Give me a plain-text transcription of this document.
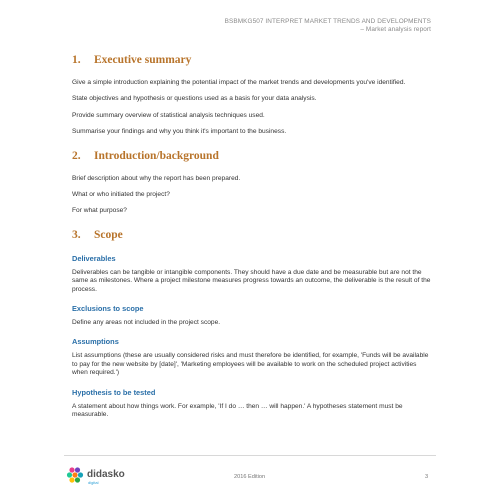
BSBMKG507 INTERPRET MARKET TRENDS AND DEVELOPMENTS
– Market analysis report
1. Executive summary

Give a simple introduction explaining the potential impact of the market trends and developments you've identified.

State objectives and hypothesis or questions used as a basis for your data analysis.

Provide summary overview of statistical analysis techniques used.

Summarise your findings and why you think it's important to the business.

2. Introduction/background

Brief description about why the report has been prepared.

What or who initiated the project?

For what purpose?

3. Scope
Deliverables

Deliverables can be tangible or intangible components. They should have a due date and be measurable but are not the same as milestones. Where a project milestone measures progress towards an outcome, the deliverable is the result of the process.

Exclusions to scope

Define any areas not included in the project scope.

Assumptions

List assumptions (these are usually considered risks and must therefore be identified, for example, 'Funds will be available to pay for the new website by [date]', 'Marketing employees will be available to work on the scheduled project activities when required.')

Hypothesis to be tested

A statement about how things work. For example, 'If I do … then … will happen.' A hypotheses statement must be measurable.

didasko
digital
2016 Edition	3
